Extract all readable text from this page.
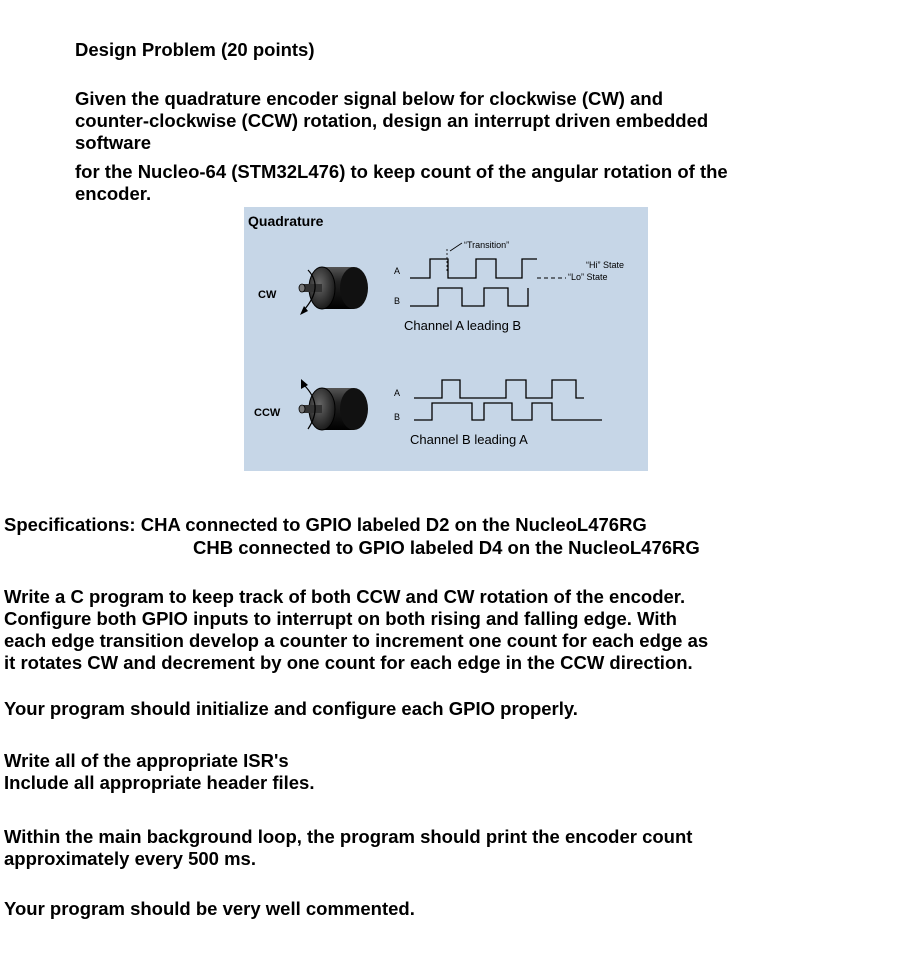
Design Problem (20 points)

Given the quadrature encoder signal below for clockwise (CW) and

counter-clockwise (CCW) rotation, design an interrupt driven embedded

software

for the Nucleo-64 (STM32L476) to keep count of the angular rotation of the

encoder.

Quadrature
CW
A
“Transition”
“Hi” State
“Lo” State
B
Channel A leading B
CCW
A
B
Channel B leading A

Specifications: CHA connected to GPIO labeled D2 on the NucleoL476RG

CHB connected to GPIO labeled D4 on the NucleoL476RG

Write a C program to keep track of both CCW and CW rotation of the encoder.

Configure both GPIO inputs to interrupt on both rising and falling edge. With

each edge transition develop a counter to increment one count for each edge as

it rotates CW and decrement by one count for each edge in the CCW direction.

Your program should initialize and configure each GPIO properly.

Write all of the appropriate ISR's

Include all appropriate header files.

Within the main background loop, the program should print the encoder count

approximately every 500 ms.

Your program should be very well commented.
